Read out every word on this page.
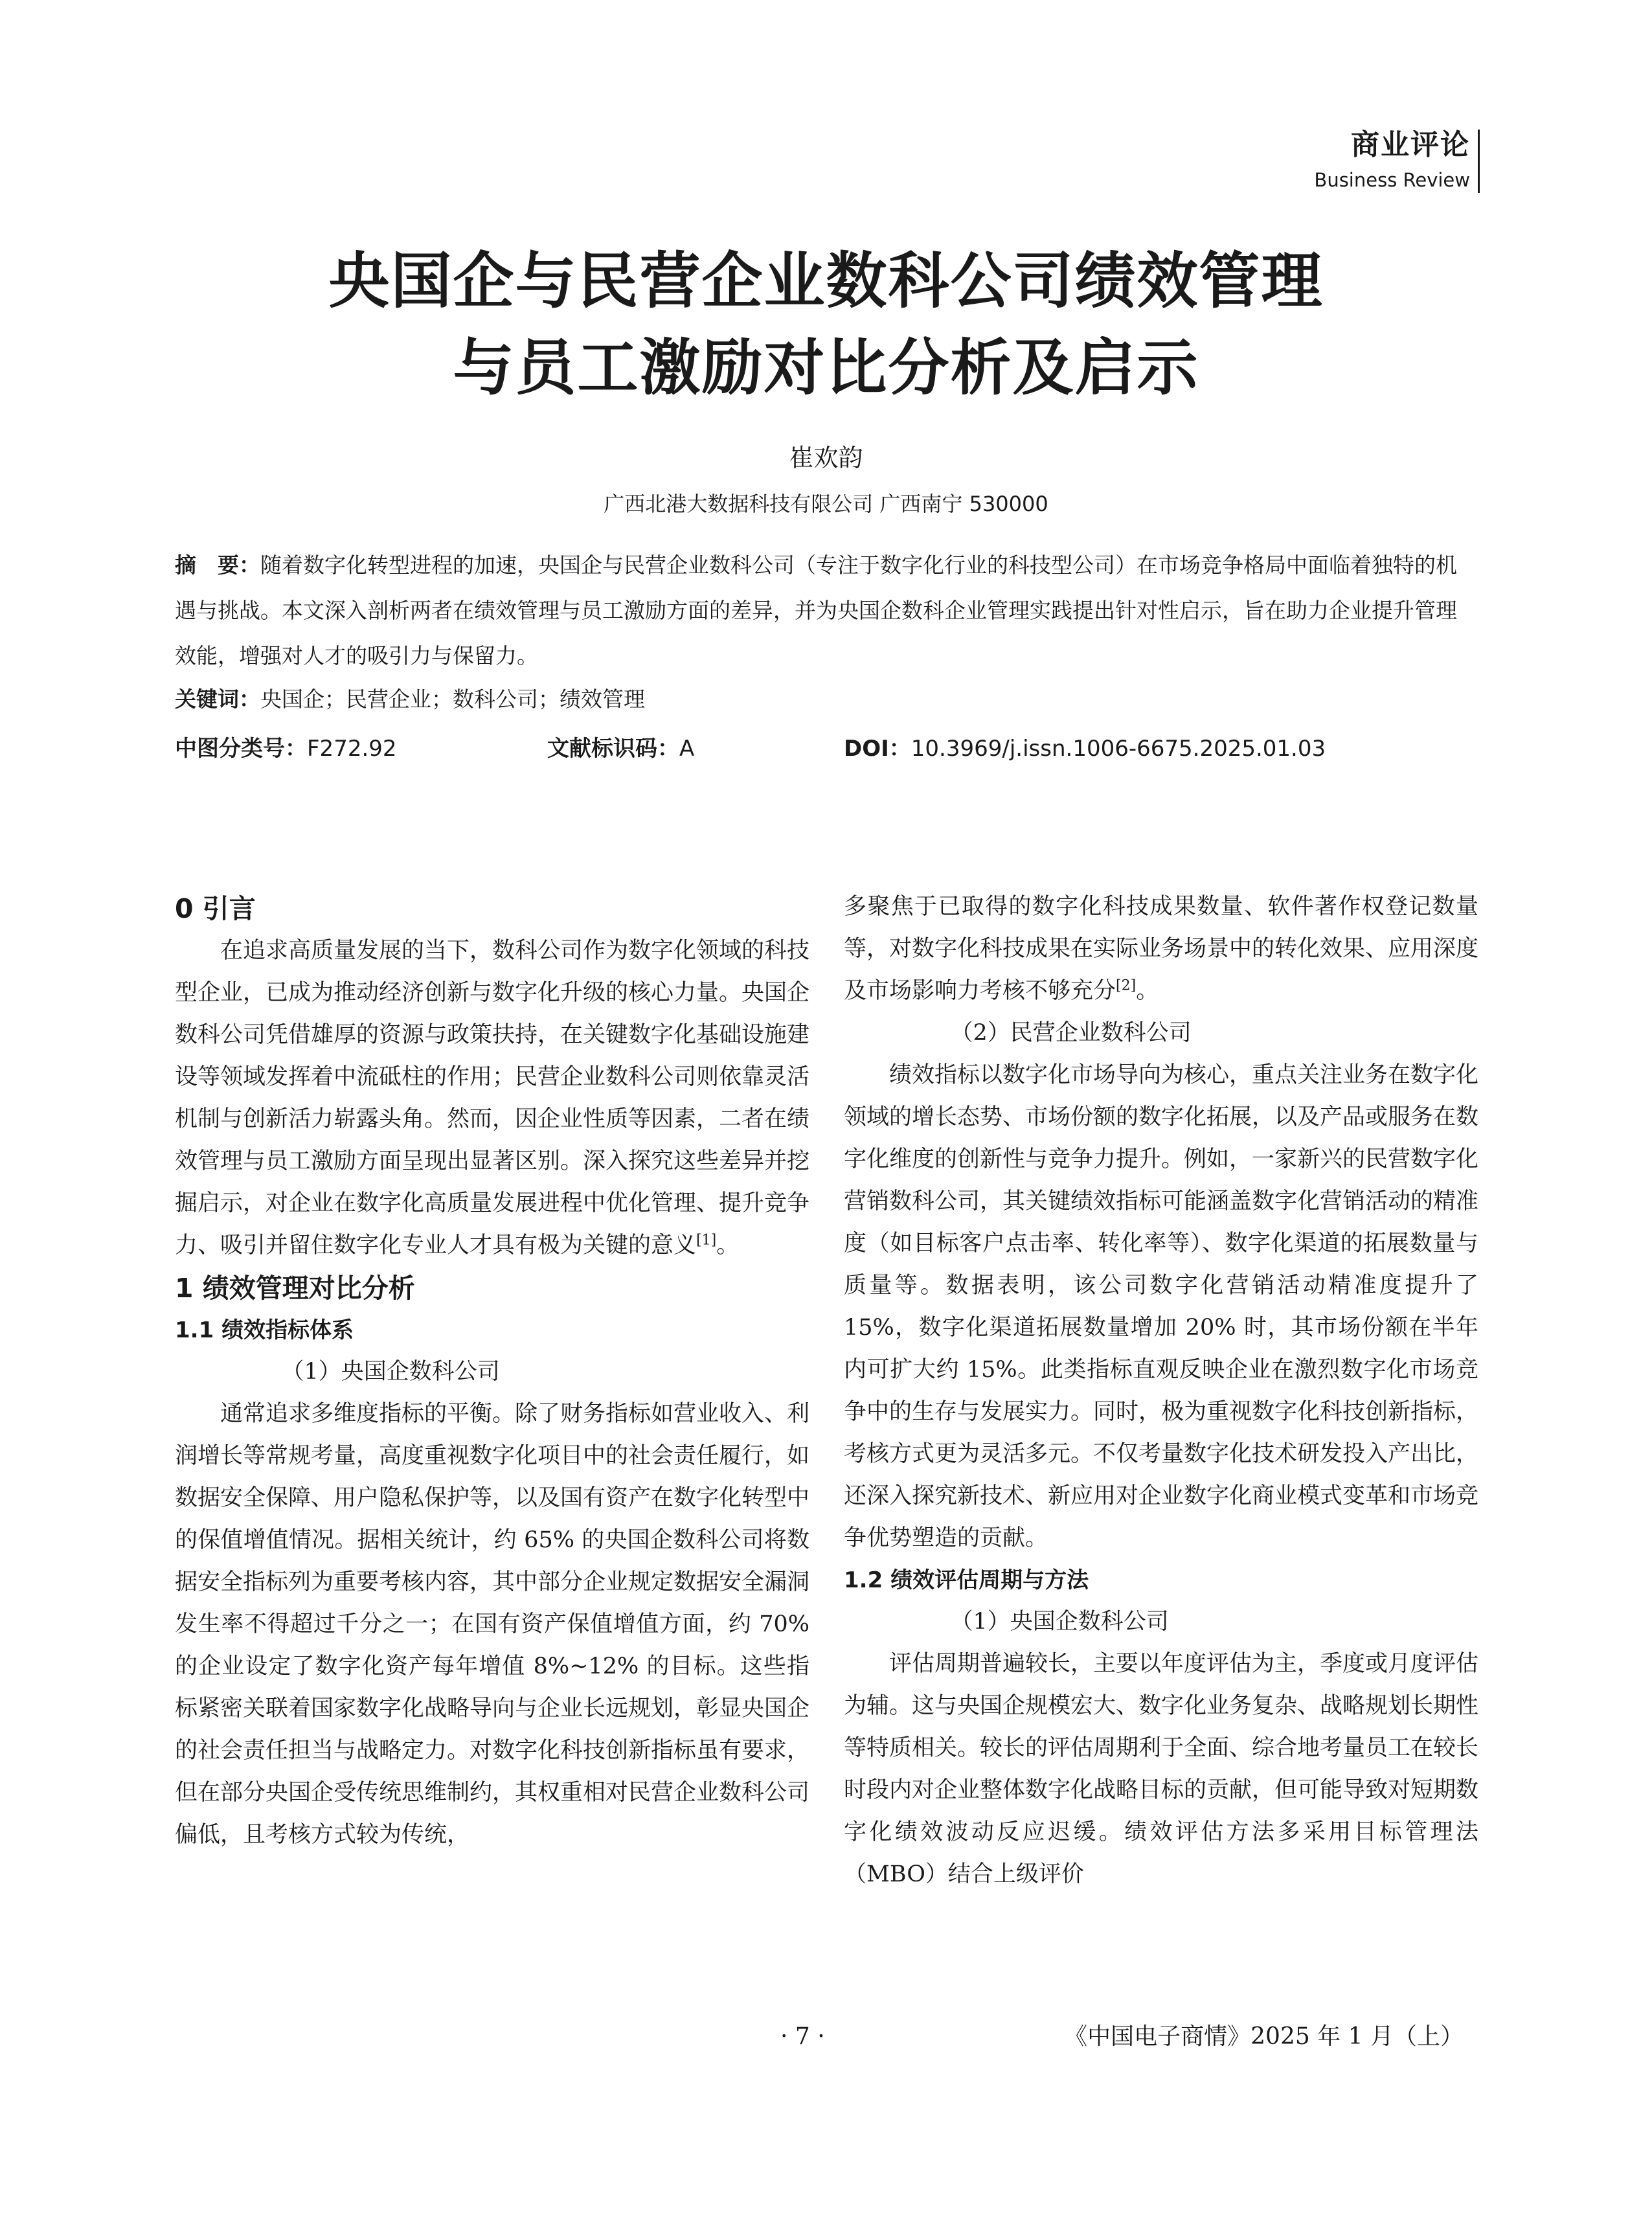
商业评论
Business Review
央国企与民营企业数科公司绩效管理
与员工激励对比分析及启示
崔欢韵
广西北港大数据科技有限公司 广西南宁 530000
摘　要：随着数字化转型进程的加速，央国企与民营企业数科公司（专注于数字化行业的科技型公司）在市场竞争格局中面临着独特的机遇与挑战。本文深入剖析两者在绩效管理与员工激励方面的差异，并为央国企数科企业管理实践提出针对性启示，旨在助力企业提升管理效能，增强对人才的吸引力与保留力。
关键词：央国企；民营企业；数科公司；绩效管理
中图分类号：F272.92	文献标识码：A	DOI：10.3969/j.issn.1006-6675.2025.01.03
0 引言

在追求高质量发展的当下，数科公司作为数字化领域的科技型企业，已成为推动经济创新与数字化升级的核心力量。央国企数科公司凭借雄厚的资源与政策扶持，在关键数字化基础设施建设等领域发挥着中流砥柱的作用；民营企业数科公司则依靠灵活机制与创新活力崭露头角。然而，因企业性质等因素，二者在绩效管理与员工激励方面呈现出显著区别。深入探究这些差异并挖掘启示，对企业在数字化高质量发展进程中优化管理、提升竞争力、吸引并留住数字化专业人才具有极为关键的意义[1]。

1 绩效管理对比分析
1.1 绩效指标体系

（1）央国企数科公司

通常追求多维度指标的平衡。除了财务指标如营业收入、利润增长等常规考量，高度重视数字化项目中的社会责任履行，如数据安全保障、用户隐私保护等，以及国有资产在数字化转型中的保值增值情况。据相关统计，约 65% 的央国企数科公司将数据安全指标列为重要考核内容，其中部分企业规定数据安全漏洞发生率不得超过千分之一；在国有资产保值增值方面，约 70% 的企业设定了数字化资产每年增值 8%~12% 的目标。这些指标紧密关联着国家数字化战略导向与企业长远规划，彰显央国企的社会责任担当与战略定力。对数字化科技创新指标虽有要求，但在部分央国企受传统思维制约，其权重相对民营企业数科公司偏低，且考核方式较为传统，

多聚焦于已取得的数字化科技成果数量、软件著作权登记数量等，对数字化科技成果在实际业务场景中的转化效果、应用深度及市场影响力考核不够充分[2]。

（2）民营企业数科公司

绩效指标以数字化市场导向为核心，重点关注业务在数字化领域的增长态势、市场份额的数字化拓展，以及产品或服务在数字化维度的创新性与竞争力提升。例如，一家新兴的民营数字化营销数科公司，其关键绩效指标可能涵盖数字化营销活动的精准度（如目标客户点击率、转化率等）、数字化渠道的拓展数量与质量等。数据表明，该公司数字化营销活动精准度提升了 15%，数字化渠道拓展数量增加 20% 时，其市场份额在半年内可扩大约 15%。此类指标直观反映企业在激烈数字化市场竞争中的生存与发展实力。同时，极为重视数字化科技创新指标，考核方式更为灵活多元。不仅考量数字化技术研发投入产出比，还深入探究新技术、新应用对企业数字化商业模式变革和市场竞争优势塑造的贡献。

1.2 绩效评估周期与方法

（1）央国企数科公司

评估周期普遍较长，主要以年度评估为主，季度或月度评估为辅。这与央国企规模宏大、数字化业务复杂、战略规划长期性等特质相关。较长的评估周期利于全面、综合地考量员工在较长时段内对企业整体数字化战略目标的贡献，但可能导致对短期数字化绩效波动反应迟缓。绩效评估方法多采用目标管理法（MBO）结合上级评价

· 7 ·	《中国电子商情》2025 年 1 月（上）
